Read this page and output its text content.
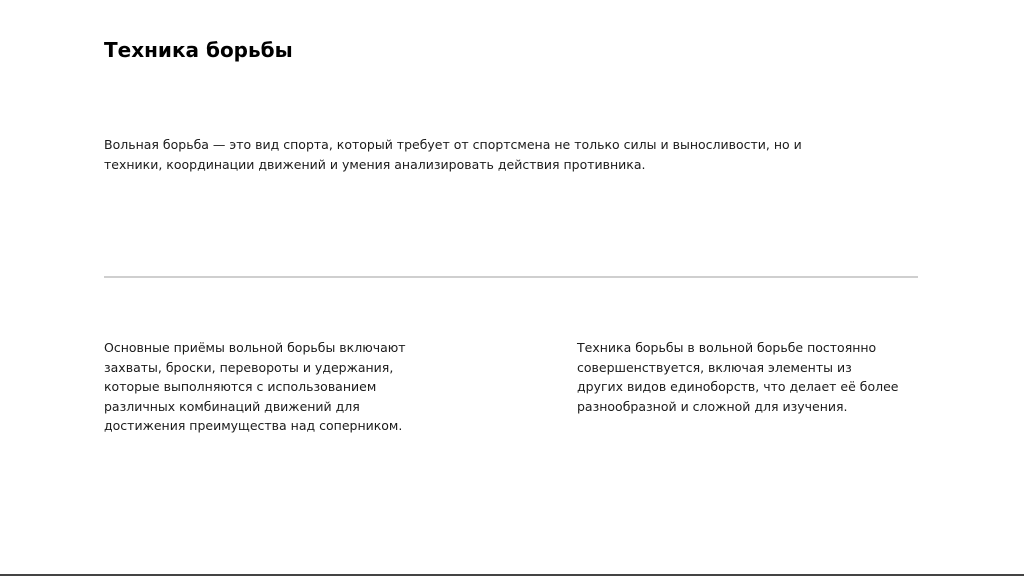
Техника борьбы

Вольная борьба — это вид спорта, который требует от спортсмена не только силы и выносливости, но и
техники, координации движений и умения анализировать действия противника.

Основные приёмы вольной борьбы включают
захваты, броски, перевороты и удержания,
которые выполняются с использованием
различных комбинаций движений для
достижения преимущества над соперником.

Техника борьбы в вольной борьбе постоянно
совершенствуется, включая элементы из
других видов единоборств, что делает её более
разнообразной и сложной для изучения.
